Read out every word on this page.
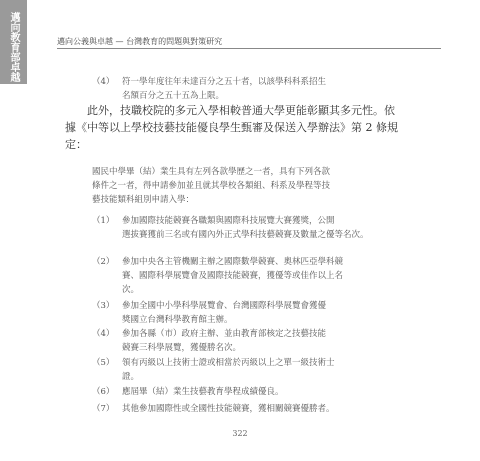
邁向教育部卓越
邁向公義與卓越 — 台灣教育的問題與對策研究
（4） 符一學年度往年未達百分之五十者，以該學科科系招生
名額百分之五十五為上限。
此外，技職校院的多元入學相較普通大學更能彰顯其多元性。依
據《中等以上學校技藝技能優良學生甄審及保送入學辦法》第 2 條規
定：
國民中學畢（結）業生具有左列各款學歷之一者，具有下列各款
條件之一者，得申請參加並且就其學校各類組、科系及學程等技
藝技能類科組別申請入學：
（1） 參加國際技能競賽各職類與國際科技展覽大賽獲獎，公開
選拔賽獲前三名或有國內外正式學科技藝競賽及數量之優等名次。
（2） 參加中央各主管機關主辦之國際數學競賽、奧林匹亞學科競
賽、國際科學展覽會及國際技能競賽，獲優等或佳作以上名
次。
（3） 參加全國中小學科學展覽會、台灣國際科學展覽會獲優
獎國立台灣科學教育館主辦。
（4） 參加各縣（市）政府主辦、並由教育部核定之技藝技能
競賽三科學展覽，獲優勝名次。
（5） 領有丙級以上技術士證或相當於丙級以上之單一級技術士
證。
（6） 應屆畢（結）業生技藝教育學程成績優良。
（7） 其他參加國際性或全國性技能競賽，獲相關競賽優勝者。
322
